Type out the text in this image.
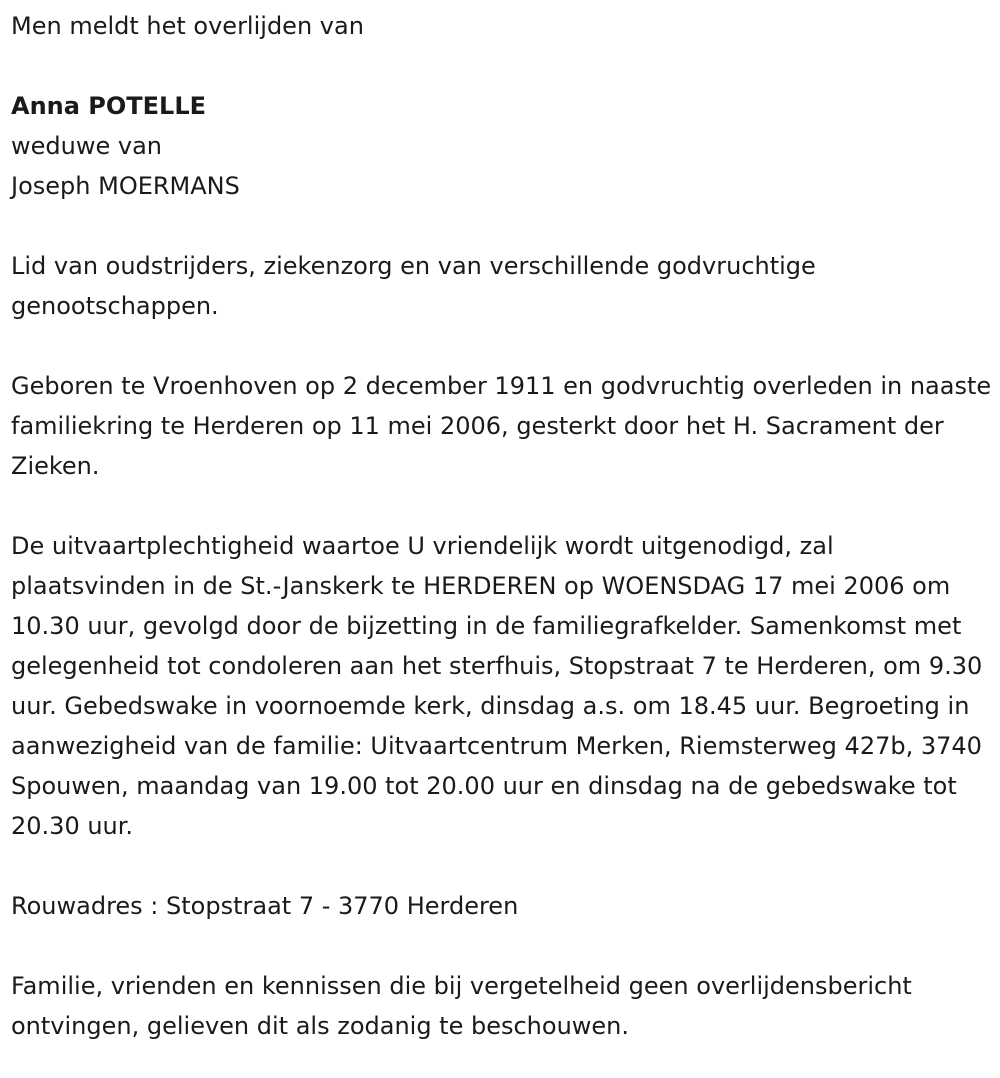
Men meldt het overlijden van

Anna POTELLE

weduwe van

Joseph MOERMANS

Lid van oudstrijders, ziekenzorg en van verschillende godvruchtige genootschappen.

Geboren te Vroenhoven op 2 december 1911 en godvruchtig overleden in naaste familiekring te Herderen op 11 mei 2006, gesterkt door het H. Sacrament der Zieken.

De uitvaartplechtigheid waartoe U vriendelijk wordt uitgenodigd, zal plaatsvinden in de St.-Janskerk te HERDEREN op WOENSDAG 17 mei 2006 om 10.30 uur, gevolgd door de bijzetting in de familiegrafkelder. Samenkomst met gelegenheid tot condoleren aan het sterfhuis, Stopstraat 7 te Herderen, om 9.30 uur. Gebedswake in voornoemde kerk, dinsdag a.s. om 18.45 uur. Begroeting in aanwezigheid van de familie: Uitvaartcentrum Merken, Riemsterweg 427b, 3740 Spouwen, maandag van 19.00 tot 20.00 uur en dinsdag na de gebedswake tot 20.30 uur.

Rouwadres : Stopstraat 7 - 3770 Herderen

Familie, vrienden en kennissen die bij vergetelheid geen overlijdensbericht ontvingen, gelieven dit als zodanig te beschouwen.
